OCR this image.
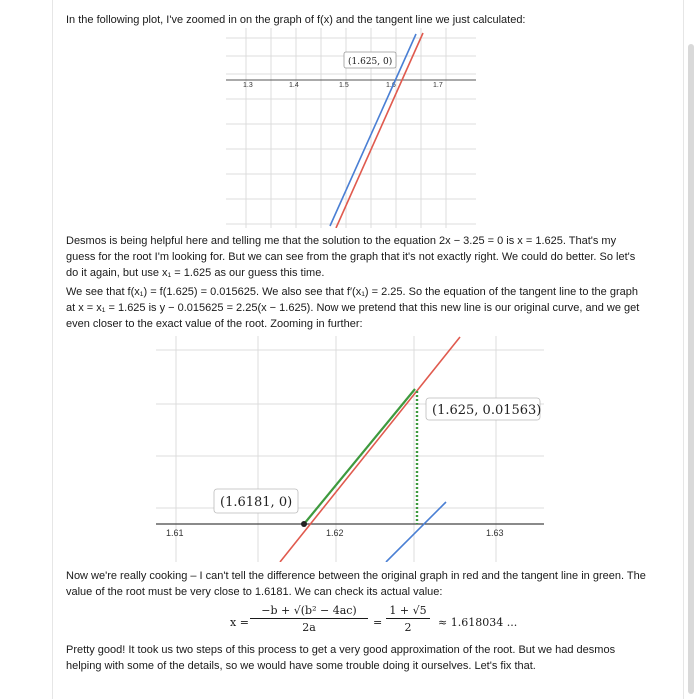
In the following plot, I've zoomed in on the graph of f(x) and the tangent line we just calculated:

1.3	1.4	1.5	1.6	1.7
(1.625, 0)

Desmos is being helpful here and telling me that the solution to the equation 2x − 3.25 = 0 is x = 1.625. That's my guess for the root I'm looking for. But we can see from the graph that it's not exactly right. We could do better. So let's do it again, but use x₁ = 1.625 as our guess this time.

We see that f(x₁) = f(1.625) = 0.015625. We also see that f′(x₁) = 2.25. So the equation of the tangent line to the graph at x = x₁ = 1.625 is y − 0.015625 = 2.25(x − 1.625). Now we pretend that this new line is our original curve, and we get even closer to the exact value of the root. Zooming in further:

1.61	1.62	1.63
(1.625, 0.01563)
(1.6181, 0)

Now we're really cooking – I can't tell the difference between the original graph in red and the tangent line in green. The value of the root must be very close to 1.6181. We can check its actual value:

$x = \frac{\text{−b + √(b² − 4ac)}}{2a} = \frac{1 + √5}{2} \approx 1.618034$ ...

Pretty good! It took us two steps of this process to get a very good approximation of the root. But we had desmos helping with some of the details, so we would have some trouble doing it ourselves. Let's fix that.
